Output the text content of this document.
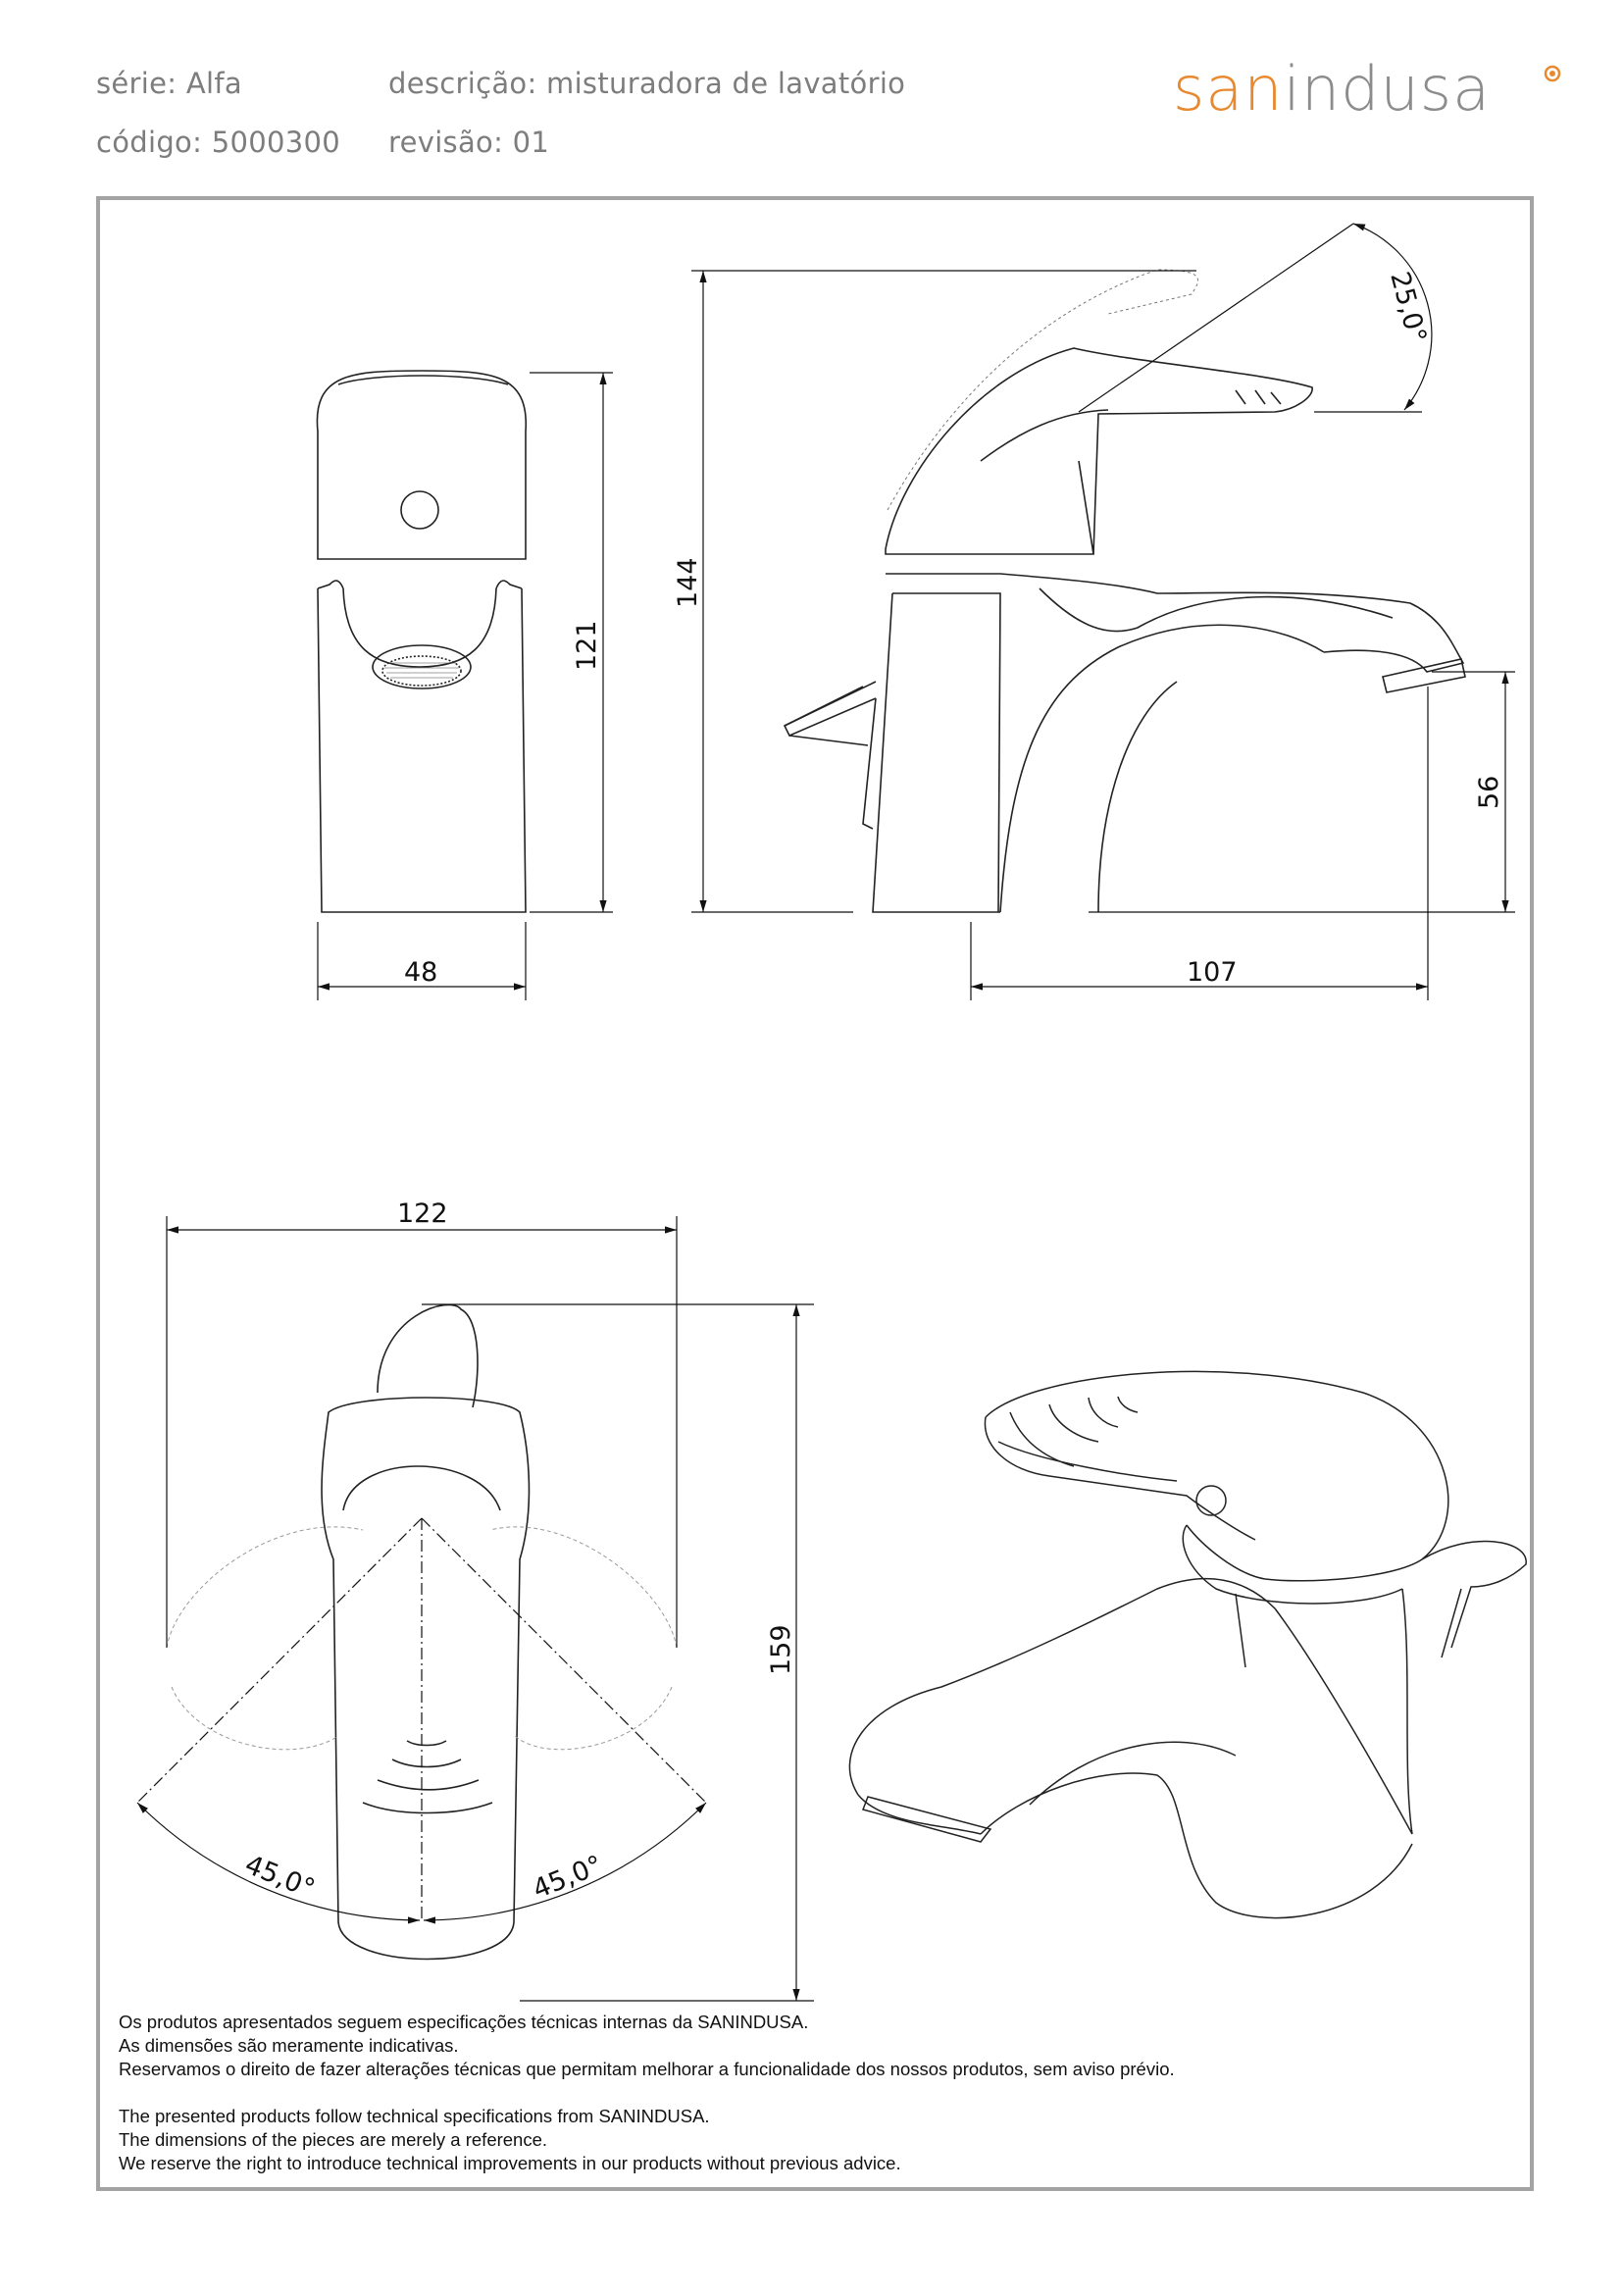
série: Alfa	descrição: misturadora de lavatório
código: 5000300 revisão: 01
sanindusa
48
121
144
25,0°
56
107
122
159
45,0°	45,0°
Os produtos apresentados seguem especificações técnicas internas da SANINDUSA.
As dimensões são meramente indicativas.
Reservamos o direito de fazer alterações técnicas que permitam melhorar a funcionalidade dos nossos produtos, sem aviso prévio.
The presented products follow technical specifications from SANINDUSA.
The dimensions of the pieces are merely a reference.
We reserve the right to introduce technical improvements in our products without previous advice.
